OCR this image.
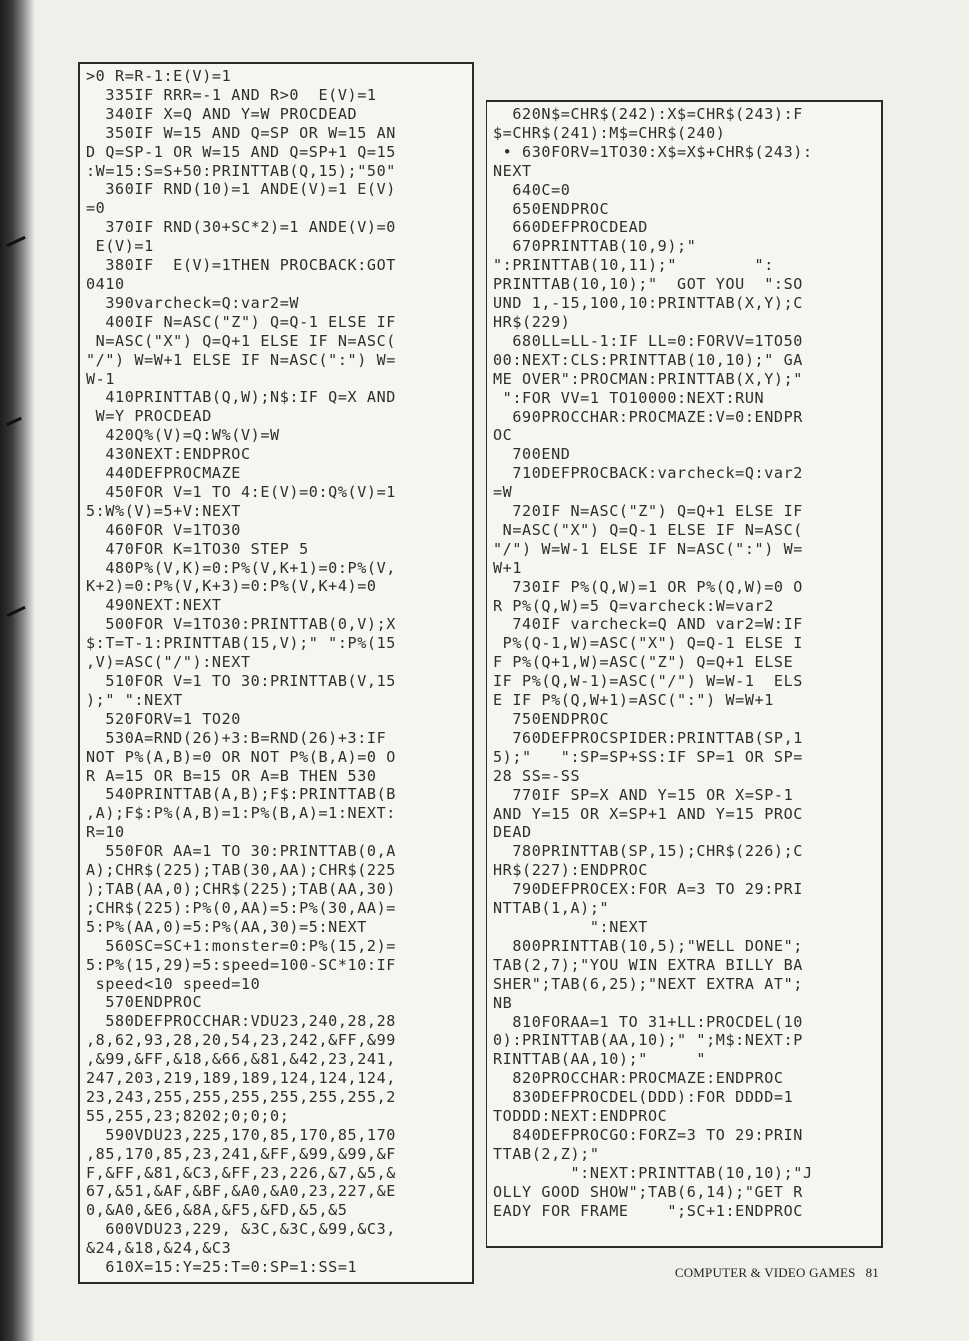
>0 R=R-1:E(V)=1
335IF RRR=-1 AND R>0  E(V)=1
340IF X=Q AND Y=W PROCDEAD
350IF W=15 AND Q=SP OR W=15 AN
D Q=SP-1 OR W=15 AND Q=SP+1 Q=15
:W=15:S=S+50:PRINTTAB(Q,15);"50"
360IF RND(10)=1 ANDE(V)=1 E(V)
=0
370IF RND(30+SC*2)=1 ANDE(V)=0
E(V)=1
380IF  E(V)=1THEN PROCBACK:GOT
0410
390varcheck=Q:var2=W
400IF N=ASC("Z") Q=Q-1 ELSE IF
N=ASC("X") Q=Q+1 ELSE IF N=ASC(
"/") W=W+1 ELSE IF N=ASC(":") W=
W-1
410PRINTTAB(Q,W);N$:IF Q=X AND
W=Y PROCDEAD
420Q%(V)=Q:W%(V)=W
430NEXT:ENDPROC
440DEFPROCMAZE
450FOR V=1 TO 4:E(V)=0:Q%(V)=1
5:W%(V)=5+V:NEXT
460FOR V=1TO30
470FOR K=1TO30 STEP 5
480P%(V,K)=0:P%(V,K+1)=0:P%(V,
K+2)=0:P%(V,K+3)=0:P%(V,K+4)=0
490NEXT:NEXT
500FOR V=1TO30:PRINTTAB(0,V);X
$:T=T-1:PRINTTAB(15,V);" ":P%(15
,V)=ASC("/"):NEXT
510FOR V=1 TO 30:PRINTTAB(V,15
);" ":NEXT
520FORV=1 TO20
530A=RND(26)+3:B=RND(26)+3:IF
NOT P%(A,B)=0 OR NOT P%(B,A)=0 O
R A=15 OR B=15 OR A=B THEN 530
540PRINTTAB(A,B);F$:PRINTTAB(B
,A);F$:P%(A,B)=1:P%(B,A)=1:NEXT:
R=10
550FOR AA=1 TO 30:PRINTTAB(0,A
A);CHR$(225);TAB(30,AA);CHR$(225
);TAB(AA,0);CHR$(225);TAB(AA,30)
;CHR$(225):P%(0,AA)=5:P%(30,AA)=
5:P%(AA,0)=5:P%(AA,30)=5:NEXT
560SC=SC+1:monster=0:P%(15,2)=
5:P%(15,29)=5:speed=100-SC*10:IF
speed<10 speed=10
570ENDPROC
580DEFPROCCHAR:VDU23,240,28,28
,8,62,93,28,20,54,23,242,&FF,&99
,&99,&FF,&18,&66,&81,&42,23,241,
247,203,219,189,189,124,124,124,
23,243,255,255,255,255,255,255,2
55,255,23;8202;0;0;0;
590VDU23,225,170,85,170,85,170
,85,170,85,23,241,&FF,&99,&99,&F
F,&FF,&81,&C3,&FF,23,226,&7,&5,&
67,&51,&AF,&BF,&A0,&A0,23,227,&E
0,&A0,&E6,&8A,&F5,&FD,&5,&5
600VDU23,229, &3C,&3C,&99,&C3,
&24,&18,&24,&C3
610X=15:Y=25:T=0:SP=1:SS=1
620N$=CHR$(242):X$=CHR$(243):F
$=CHR$(241):M$=CHR$(240)
• 630FORV=1TO30:X$=X$+CHR$(243):
NEXT
640C=0
650ENDPROC
660DEFPROCDEAD
670PRINTTAB(10,9);"
":PRINTTAB(10,11);"        ":
PRINTTAB(10,10);"  GOT YOU  ":SO
UND 1,-15,100,10:PRINTTAB(X,Y);C
HR$(229)
680LL=LL-1:IF LL=0:FORVV=1TO50
00:NEXT:CLS:PRINTTAB(10,10);" GA
ME OVER":PROCMAN:PRINTTAB(X,Y);"
":FOR VV=1 TO10000:NEXT:RUN
690PROCCHAR:PROCMAZE:V=0:ENDPR
OC
700END
710DEFPROCBACK:varcheck=Q:var2
=W
720IF N=ASC("Z") Q=Q+1 ELSE IF
N=ASC("X") Q=Q-1 ELSE IF N=ASC(
"/") W=W-1 ELSE IF N=ASC(":") W=
W+1
730IF P%(Q,W)=1 OR P%(Q,W)=0 O
R P%(Q,W)=5 Q=varcheck:W=var2
740IF varcheck=Q AND var2=W:IF
P%(Q-1,W)=ASC("X") Q=Q-1 ELSE I
F P%(Q+1,W)=ASC("Z") Q=Q+1 ELSE
IF P%(Q,W-1)=ASC("/") W=W-1  ELS
E IF P%(Q,W+1)=ASC(":") W=W+1
750ENDPROC
760DEFPROCSPIDER:PRINTTAB(SP,1
5);"   ":SP=SP+SS:IF SP=1 OR SP=
28 SS=-SS
770IF SP=X AND Y=15 OR X=SP-1
AND Y=15 OR X=SP+1 AND Y=15 PROC
DEAD
780PRINTTAB(SP,15);CHR$(226);C
HR$(227):ENDPROC
790DEFPROCEX:FOR A=3 TO 29:PRI
NTTAB(1,A);"
":NEXT
800PRINTTAB(10,5);"WELL DONE";
TAB(2,7);"YOU WIN EXTRA BILLY BA
SHER";TAB(6,25);"NEXT EXTRA AT";
NB
810FORAA=1 TO 31+LL:PROCDEL(10
0):PRINTTAB(AA,10);" ";M$:NEXT:P
RINTTAB(AA,10);"     "
820PROCCHAR:PROCMAZE:ENDPROC
830DEFPROCDEL(DDD):FOR DDDD=1
TODDD:NEXT:ENDPROC
840DEFPROCGO:FORZ=3 TO 29:PRIN
TTAB(2,Z);"
":NEXT:PRINTTAB(10,10);"J
OLLY GOOD SHOW";TAB(6,14);"GET R
EADY FOR FRAME    ";SC+1:ENDPROC
COMPUTER & VIDEO GAMES 81
